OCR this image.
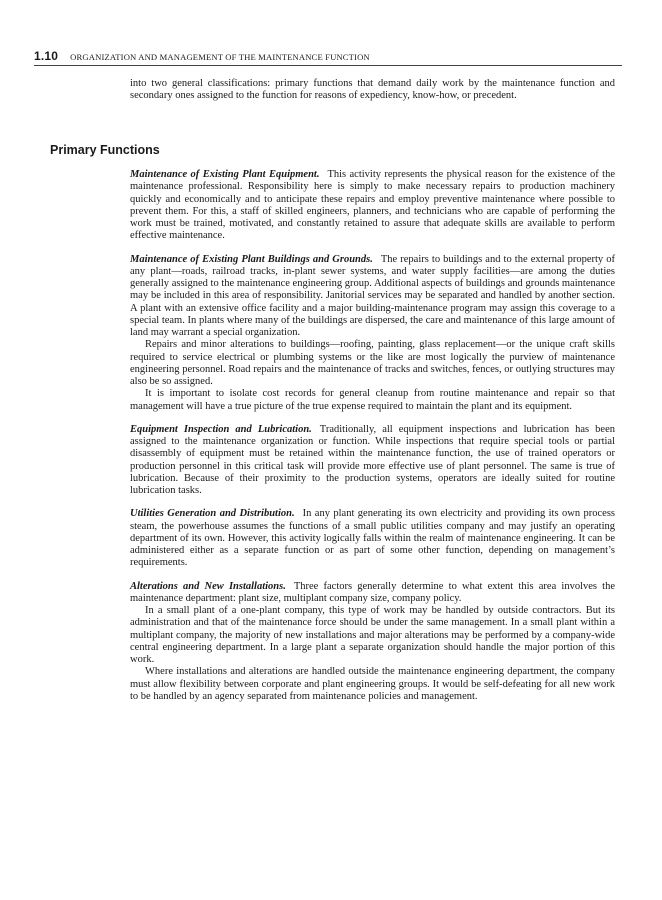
1.10 ORGANIZATION AND MANAGEMENT OF THE MAINTENANCE FUNCTION

into two general classifications: primary functions that demand daily work by the maintenance function and secondary ones assigned to the function for reasons of expediency, know-how, or precedent.

Primary Functions

Maintenance of Existing Plant Equipment. This activity represents the physical reason for the existence of the maintenance professional. Responsibility here is simply to make necessary repairs to production machinery quickly and economically and to anticipate these repairs and employ preventive maintenance where possible to prevent them. For this, a staff of skilled engineers, planners, and technicians who are capable of performing the work must be trained, motivated, and constantly retained to assure that adequate skills are available to perform effective maintenance.

Maintenance of Existing Plant Buildings and Grounds. The repairs to buildings and to the external property of any plant—roads, railroad tracks, in-plant sewer systems, and water supply facilities—are among the duties generally assigned to the maintenance engineering group. Additional aspects of buildings and grounds maintenance may be included in this area of responsibility. Janitorial services may be separated and handled by another section. A plant with an extensive office facility and a major building-maintenance program may assign this coverage to a special team. In plants where many of the buildings are dispersed, the care and maintenance of this large amount of land may warrant a special organization.

Repairs and minor alterations to buildings—roofing, painting, glass replacement—or the unique craft skills required to service electrical or plumbing systems or the like are most logically the purview of maintenance engineering personnel. Road repairs and the maintenance of tracks and switches, fences, or outlying structures may also be so assigned.

It is important to isolate cost records for general cleanup from routine maintenance and repair so that management will have a true picture of the true expense required to maintain the plant and its equipment.

Equipment Inspection and Lubrication. Traditionally, all equipment inspections and lubrication has been assigned to the maintenance organization or function. While inspections that require special tools or partial disassembly of equipment must be retained within the maintenance function, the use of trained operators or production personnel in this critical task will provide more effective use of plant personnel. The same is true of lubrication. Because of their proximity to the production systems, operators are ideally suited for routine lubrication tasks.

Utilities Generation and Distribution. In any plant generating its own electricity and providing its own process steam, the powerhouse assumes the functions of a small public utilities company and may justify an operating department of its own. However, this activity logically falls within the realm of maintenance engineering. It can be administered either as a separate function or as part of some other function, depending on management’s requirements.

Alterations and New Installations. Three factors generally determine to what extent this area involves the maintenance department: plant size, multiplant company size, company policy.

In a small plant of a one-plant company, this type of work may be handled by outside contractors. But its administration and that of the maintenance force should be under the same management. In a small plant within a multiplant company, the majority of new installations and major alterations may be performed by a company-wide central engineering department. In a large plant a separate organization should handle the major portion of this work.

Where installations and alterations are handled outside the maintenance engineering department, the company must allow flexibility between corporate and plant engineering groups. It would be self-defeating for all new work to be handled by an agency separated from maintenance policies and management.
